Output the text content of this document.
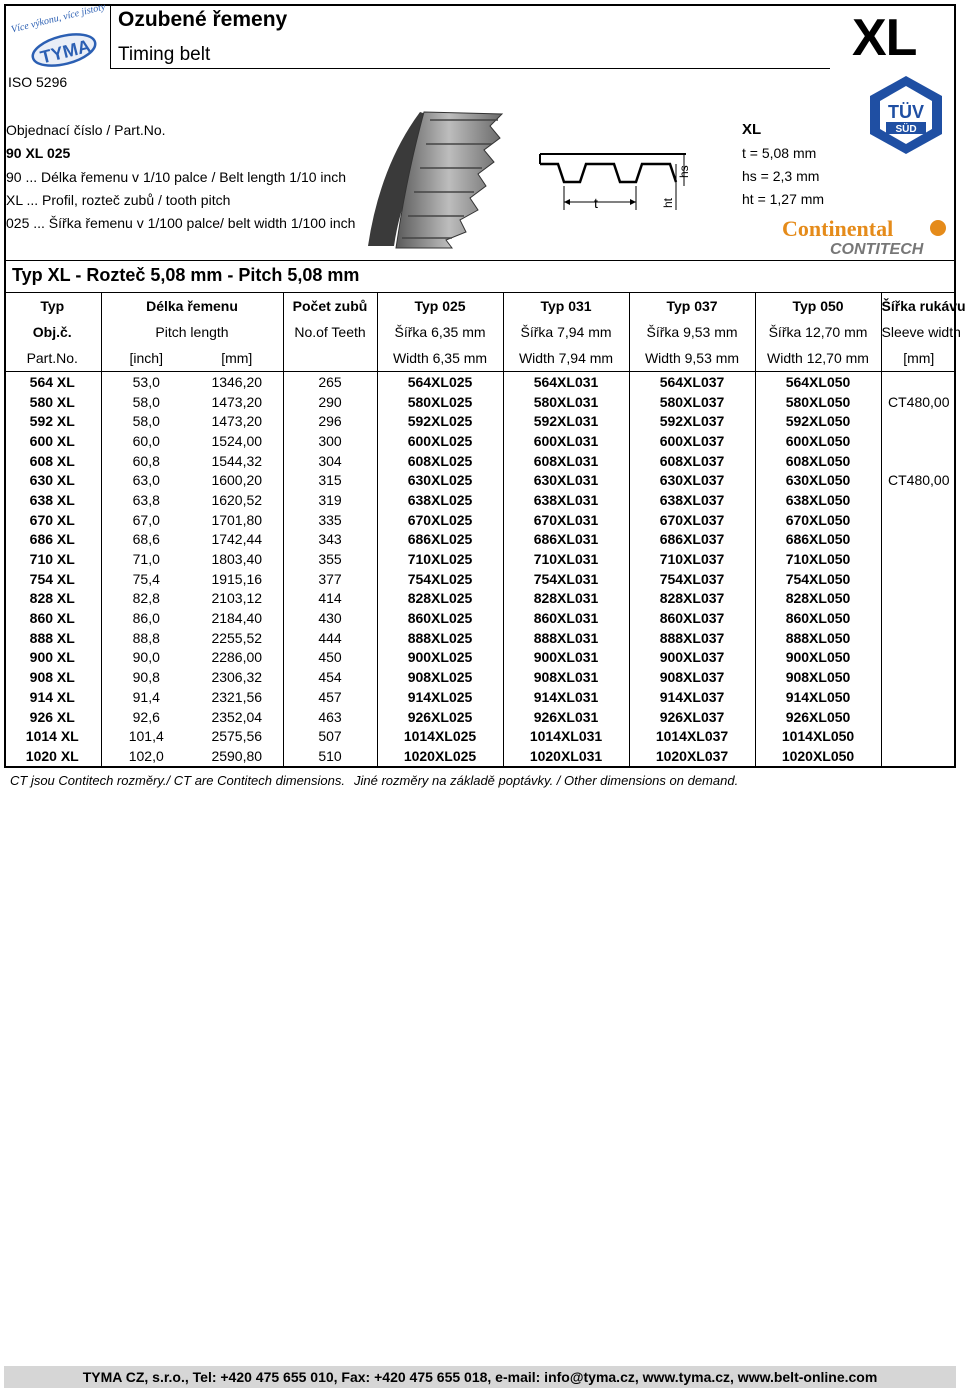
Více výkonu, více jistoty
TYMA
Ozubené řemeny
Timing belt	XL
ISO 5296
Objednací číslo / Part.No.
90 XL 025
90 ... Délka řemenu v 1/10 palce / Belt length 1/10 inch
XL ... Profil, rozteč zubů / tooth pitch
025 ... Šířka řemenu v 1/100 palce/ belt width 1/100 inch
t	ht
hs
XL
t = 5,08 mm
hs = 2,3 mm
ht = 1,27 mm
TÜV
SÜD
Continental
CONTITECH
Typ XL - Rozteč 5,08 mm - Pitch 5,08 mm
Typ	Délka řemenu		Počet zubů	Typ 025	Typ 031	Typ 037	Typ 050	Šířka rukávu
Obj.č.	Pitch length		No.of Teeth	Šířka 6,35 mm	Šířka 7,94 mm	Šířka 9,53 mm	Šířka 12,70 mm	Sleeve width
Part.No.	[inch]	[mm]		Width 6,35 mm	Width 7,94 mm	Width 9,53 mm	Width 12,70 mm	[mm]
564 XL	53,0	1346,20	265	564XL025	564XL031	564XL037	564XL050	
580 XL	58,0	1473,20	290	580XL025	580XL031	580XL037	580XL050	CT480,00
592 XL	58,0	1473,20	296	592XL025	592XL031	592XL037	592XL050	
600 XL	60,0	1524,00	300	600XL025	600XL031	600XL037	600XL050	
608 XL	60,8	1544,32	304	608XL025	608XL031	608XL037	608XL050	
630 XL	63,0	1600,20	315	630XL025	630XL031	630XL037	630XL050	CT480,00
638 XL	63,8	1620,52	319	638XL025	638XL031	638XL037	638XL050	
670 XL	67,0	1701,80	335	670XL025	670XL031	670XL037	670XL050	
686 XL	68,6	1742,44	343	686XL025	686XL031	686XL037	686XL050	
710 XL	71,0	1803,40	355	710XL025	710XL031	710XL037	710XL050	
754 XL	75,4	1915,16	377	754XL025	754XL031	754XL037	754XL050	
828 XL	82,8	2103,12	414	828XL025	828XL031	828XL037	828XL050	
860 XL	86,0	2184,40	430	860XL025	860XL031	860XL037	860XL050	
888 XL	88,8	2255,52	444	888XL025	888XL031	888XL037	888XL050	
900 XL	90,0	2286,00	450	900XL025	900XL031	900XL037	900XL050	
908 XL	90,8	2306,32	454	908XL025	908XL031	908XL037	908XL050	
914 XL	91,4	2321,56	457	914XL025	914XL031	914XL037	914XL050	
926 XL	92,6	2352,04	463	926XL025	926XL031	926XL037	926XL050	
1014 XL	101,4	2575,56	507	1014XL025	1014XL031	1014XL037	1014XL050	
1020 XL	102,0	2590,80	510	1020XL025	1020XL031	1020XL037	1020XL050	
CT jsou Contitech rozměry./ CT are Contitech dimensions. Jiné rozměry na základě poptávky. / Other dimensions on demand.
TYMA CZ, s.r.o., Tel: +420 475 655 010, Fax: +420 475 655 018, e-mail: info@tyma.cz, www.tyma.cz, www.belt-online.com
